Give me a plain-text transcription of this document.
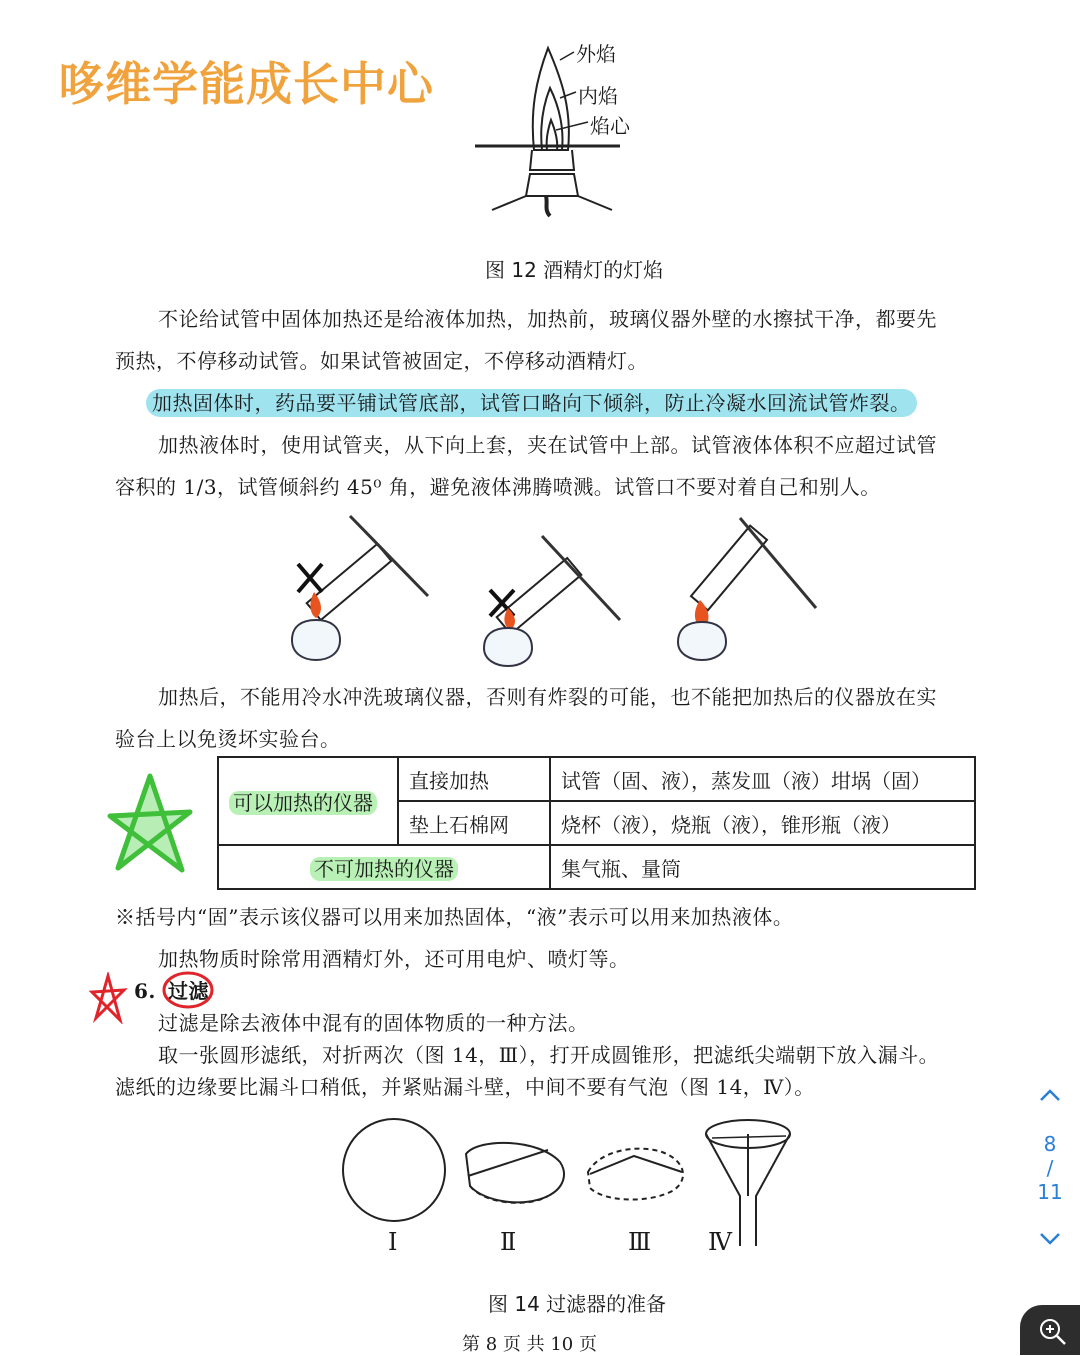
哆维学能成长中心
外焰
内焰
焰心
图 12 酒精灯的灯焰
不论给试管中固体加热还是给液体加热，加热前，玻璃仪器外壁的水擦拭干净，都要先
预热，不停移动试管。如果试管被固定，不停移动酒精灯。
加热固体时，药品要平铺试管底部，试管口略向下倾斜，防止冷凝水回流试管炸裂。
加热液体时，使用试管夹，从下向上套，夹在试管中上部。试管液体体积不应超过试管
容积的 1/3，试管倾斜约 45⁰ 角，避免液体沸腾喷溅。试管口不要对着自己和别人。
加热后，不能用冷水冲洗玻璃仪器，否则有炸裂的可能，也不能把加热后的仪器放在实
验台上以免烫坏实验台。
可以加热的仪器	直接加热	试管（固、液），蒸发皿（液）坩埚（固）
	垫上石棉网	烧杯（液），烧瓶（液），锥形瓶（液）
不可加热的仪器		集气瓶、量筒
※括号内“固”表示该仪器可以用来加热固体，“液”表示可以用来加热液体。
加热物质时除常用酒精灯外，还可用电炉、喷灯等。
6. 过滤
过滤是除去液体中混有的固体物质的一种方法。
取一张圆形滤纸，对折两次（图 14，Ⅲ），打开成圆锥形，把滤纸尖端朝下放入漏斗。
滤纸的边缘要比漏斗口稍低，并紧贴漏斗壁，中间不要有气泡（图 14，Ⅳ）。
Ⅰ	Ⅱ	Ⅲ Ⅳ
图 14 过滤器的准备
第 8 页 共 10 页
8
/
11
